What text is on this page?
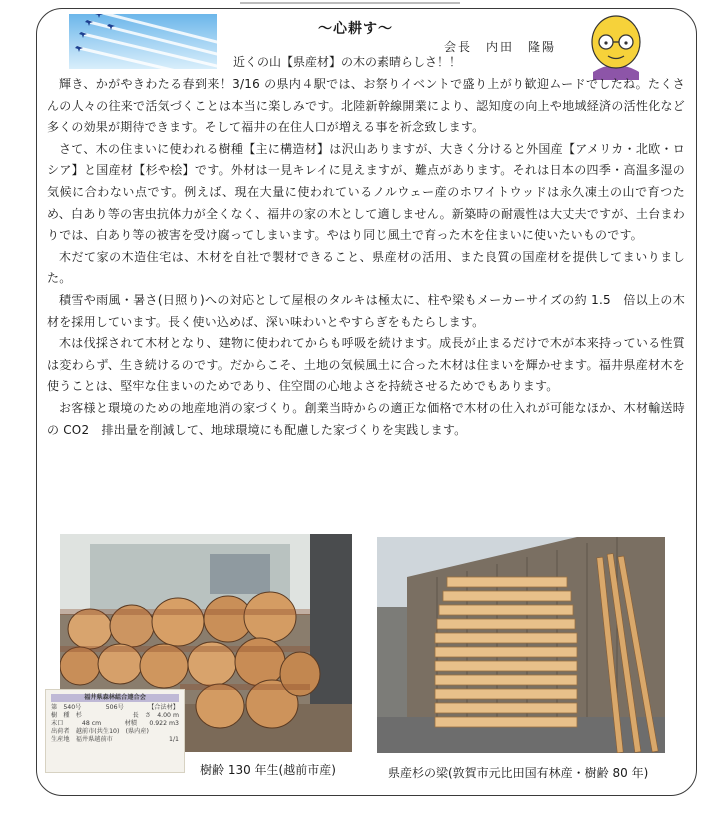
〜心耕す〜
会長　内田　隆陽
近くの山【県産材】の木の素晴らしさ！！

輝き、かがやきわたる春到来！3/16 の県内４駅では、お祭りイベントで盛り上がり歓迎ムードでしたね。たくさんの人々の往来で活気づくことは本当に楽しみです。北陸新幹線開業により、認知度の向上や地域経済の活性化など多くの効果が期待できます。そして福井の在住人口が増える事を祈念致します。

さて、木の住まいに使われる樹種【主に構造材】は沢山ありますが、大きく分けると外国産【アメリカ・北欧・ロシア】と国産材【杉や桧】です。外材は一見キレイに見えますが、難点があります。それは日本の四季・高温多湿の気候に合わない点です。例えば、現在大量に使われているノルウェー産のホワイトウッドは永久凍土の山で育つため、白あり等の害虫抗体力が全くなく、福井の家の木として適しません。新築時の耐震性は大丈夫ですが、土台まわりでは、白あり等の被害を受け腐ってしまいます。やはり同じ風土で育った木を住まいに使いたいものです。

木だて家の木造住宅は、木材を自社で製材できること、県産材の活用、また良質の国産材を提供してまいりました。

積雪や雨風・暑さ(日照り)への対応として屋根のタルキは極太に、柱や梁もメーカーサイズの約 1.5　倍以上の木材を採用しています。長く使い込めば、深い味わいとやすらぎをもたらします。

木は伐採されて木材となり、建物に使われてからも呼吸を続けます。成長が止まるだけで木が本来持っている性質は変わらず、生き続けるのです。だからこそ、土地の気候風土に合った木材は住まいを輝かせます。福井県産材木を使うことは、堅牢な住まいのためであり、住空間の心地よさを持続させるためでもあります。

お客様と環境のための地産地消の家づくり。創業当時からの適正な価格で木材の仕入れが可能なほか、木材輸送時の CO2　排出量を削減して、地球環境にも配慮した家づくりを実践します。

福井県森林組合連合会
第　540号	506号	【合法材】
樹　種　杉	長　さ　4.00 m
末口　　　48 cm	材積　　0.922 m3
出荷者　越前市(共生10)　(県内産)
生産地　福井県越前市	1/1
樹齢 130 年生(越前市産)	県産杉の梁(敦賀市元比田国有林産・樹齢 80 年)
